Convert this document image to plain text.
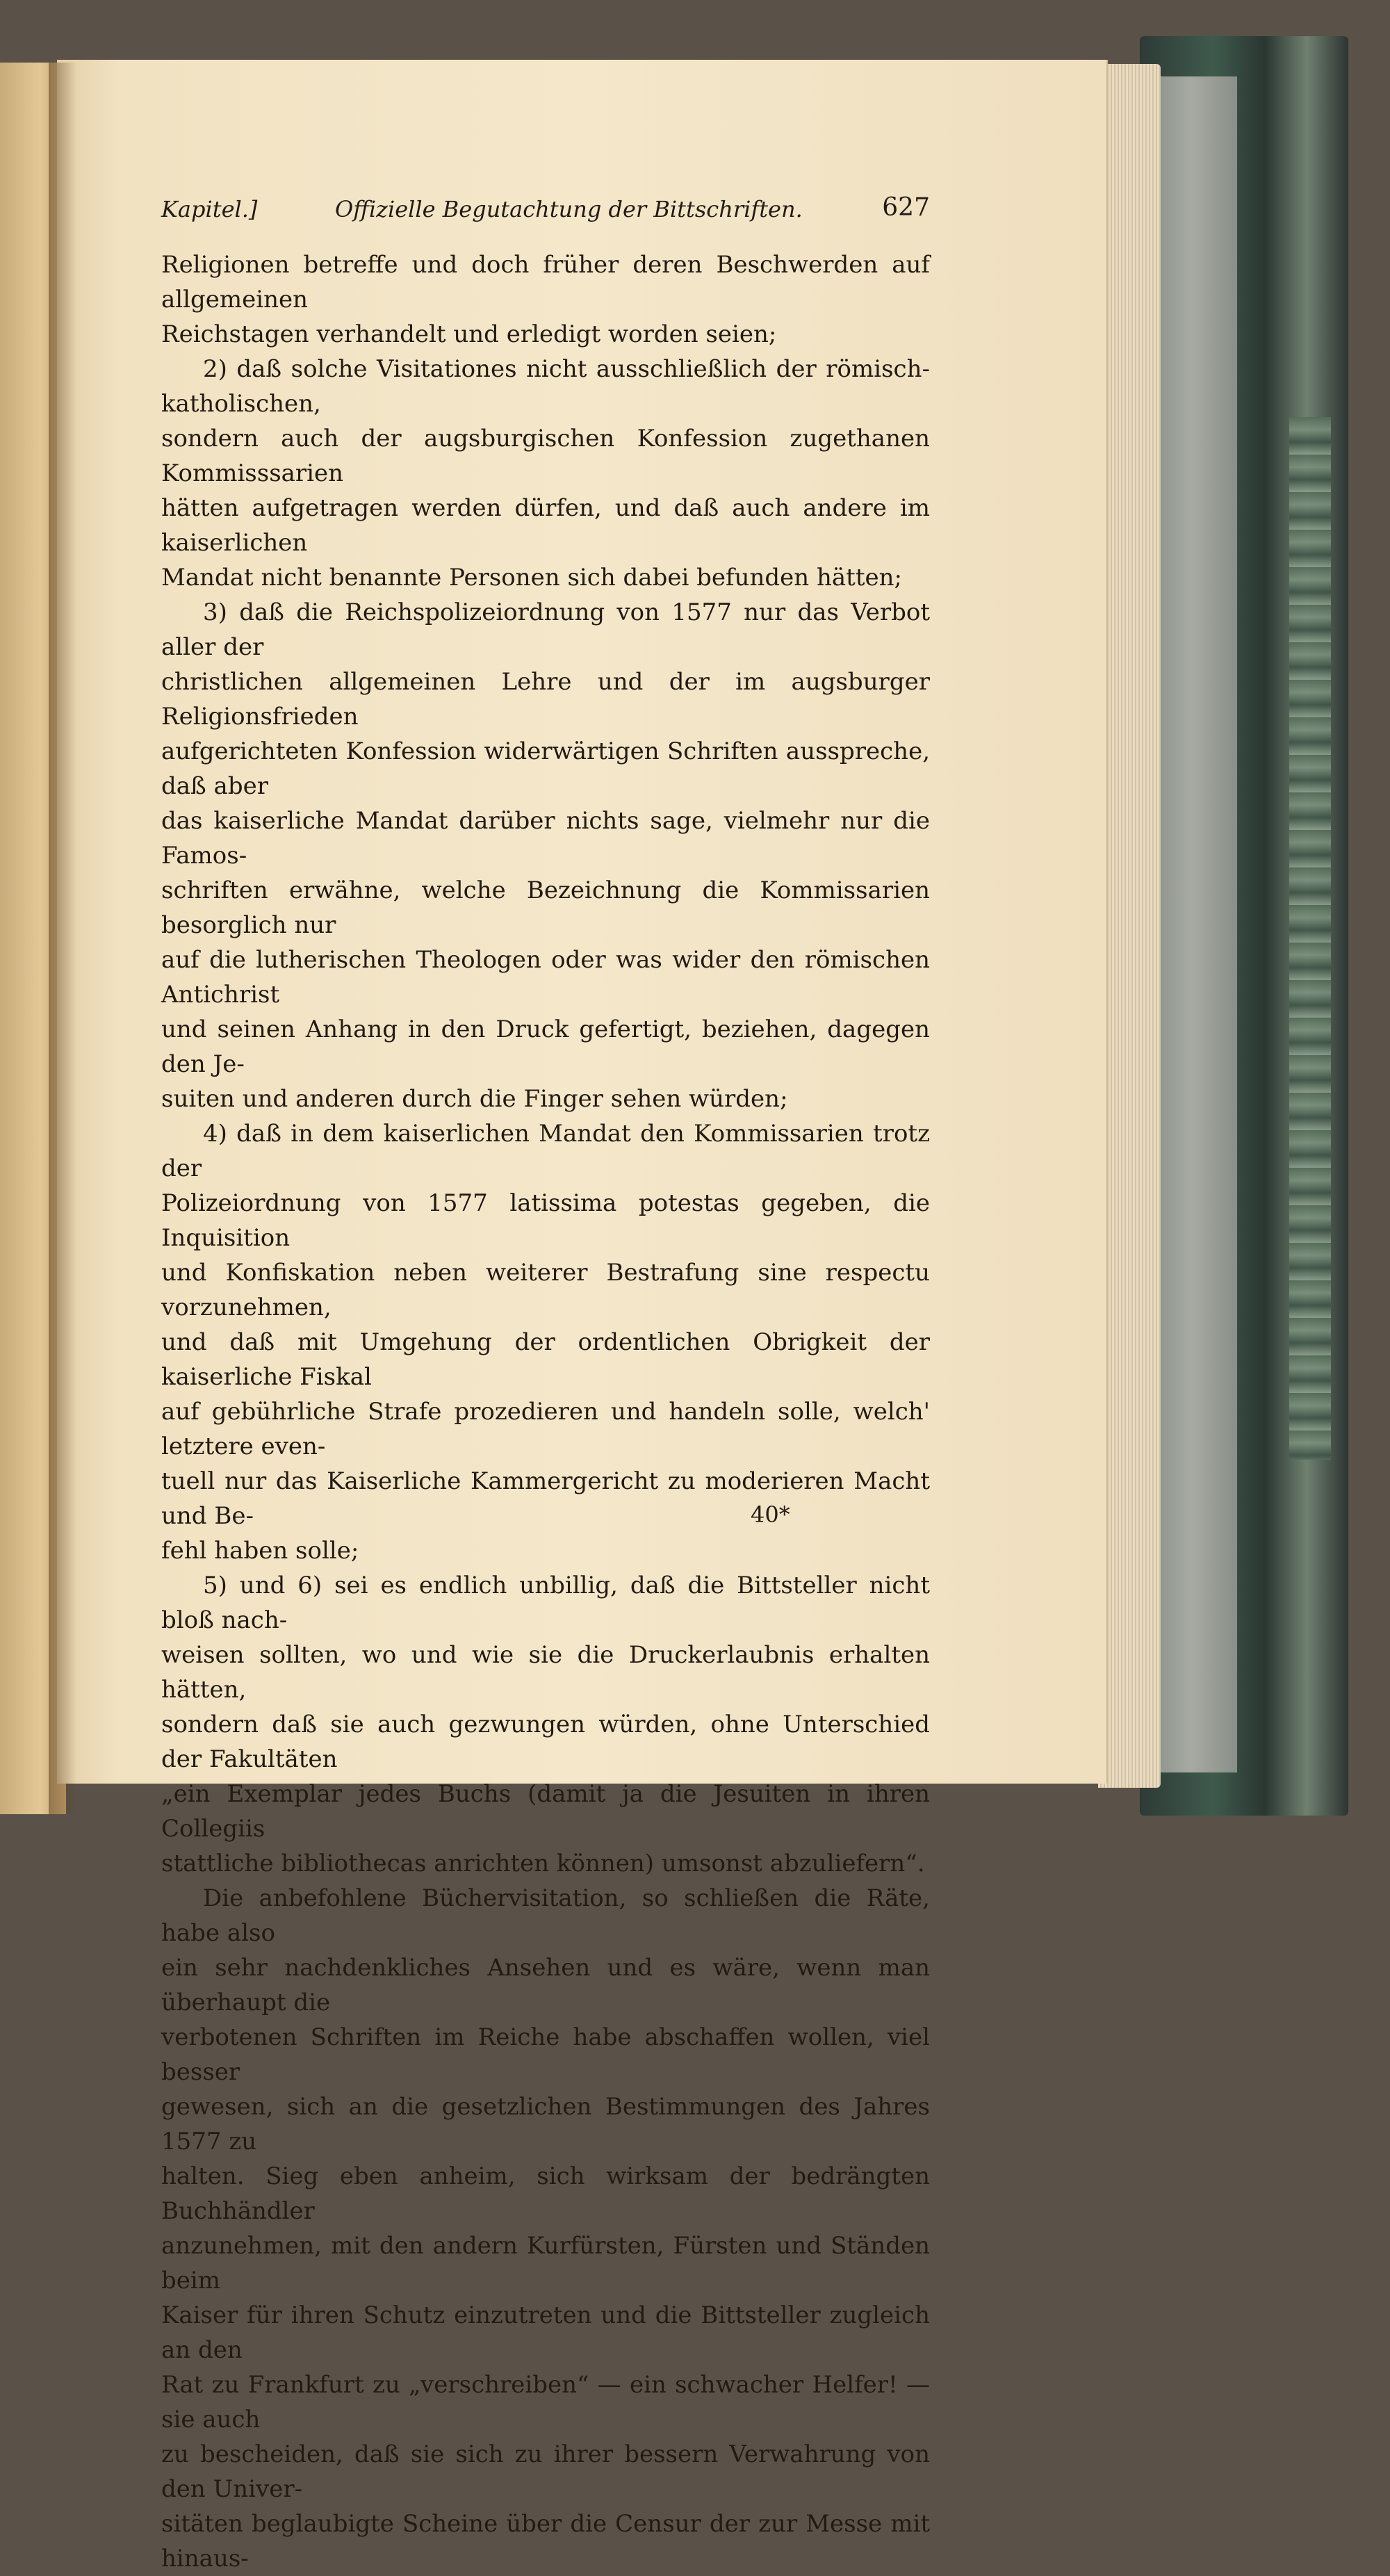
Kapitel.]	Offizielle Begutachtung der Bittschriften.	627

Religionen betreffe und doch früher deren Beschwerden auf allgemeinen
Reichstagen verhandelt und erledigt worden seien;

2) daß solche Visitationes nicht ausschließlich der römisch-katholischen,
sondern auch der augsburgischen Konfession zugethanen Kommisssarien
hätten aufgetragen werden dürfen, und daß auch andere im kaiserlichen
Mandat nicht benannte Personen sich dabei befunden hätten;

3) daß die Reichspolizeiordnung von 1577 nur das Verbot aller der
christlichen allgemeinen Lehre und der im augsburger Religionsfrieden
aufgerichteten Konfession widerwärtigen Schriften ausspreche, daß aber
das kaiserliche Mandat darüber nichts sage, vielmehr nur die Famos-
schriften erwähne, welche Bezeichnung die Kommissarien besorglich nur
auf die lutherischen Theologen oder was wider den römischen Antichrist
und seinen Anhang in den Druck gefertigt, beziehen, dagegen den Je-
suiten und anderen durch die Finger sehen würden;

4) daß in dem kaiserlichen Mandat den Kommissarien trotz der
Polizeiordnung von 1577 latissima potestas gegeben, die Inquisition
und Konfiskation neben weiterer Bestrafung sine respectu vorzunehmen,
und daß mit Umgehung der ordentlichen Obrigkeit der kaiserliche Fiskal
auf gebührliche Strafe prozedieren und handeln solle, welch' letztere even-
tuell nur das Kaiserliche Kammergericht zu moderieren Macht und Be-
fehl haben solle;

5) und 6) sei es endlich unbillig, daß die Bittsteller nicht bloß nach-
weisen sollten, wo und wie sie die Druckerlaubnis erhalten hätten,
sondern daß sie auch gezwungen würden, ohne Unterschied der Fakultäten
„ein Exemplar jedes Buchs (damit ja die Jesuiten in ihren Collegiis
stattliche bibliothecas anrichten können) umsonst abzuliefern“.

Die anbefohlene Büchervisitation, so schließen die Räte, habe also
ein sehr nachdenkliches Ansehen und es wäre, wenn man überhaupt die
verbotenen Schriften im Reiche habe abschaffen wollen, viel besser
gewesen, sich an die gesetzlichen Bestimmungen des Jahres 1577 zu
halten. Sieg eben anheim, sich wirksam der bedrängten Buchhändler
anzunehmen, mit den andern Kurfürsten, Fürsten und Ständen beim
Kaiser für ihren Schutz einzutreten und die Bittsteller zugleich an den
Rat zu Frankfurt zu „verschreiben“ — ein schwacher Helfer! — sie auch
zu bescheiden, daß sie sich zu ihrer bessern Verwahrung von den Univer-
sitäten beglaubigte Scheine über die Censur der zur Messe mit hinaus-

40*
